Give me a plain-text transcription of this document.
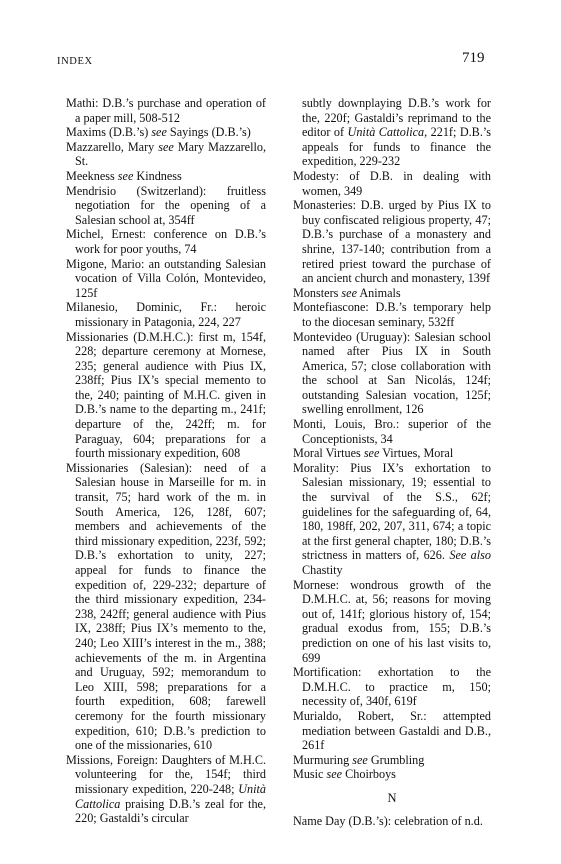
INDEX	719

Mathi: D.B.’s purchase and operation of a paper mill, 508-512

Maxims (D.B.’s) see Sayings (D.B.’s)

Mazzarello, Mary see Mary Mazzarello, St.

Meekness see Kindness

Mendrisio (Switzerland): fruitless negotiation for the opening of a Salesian school at, 354ff

Michel, Ernest: conference on D.B.’s work for poor youths, 74

Migone, Mario: an outstanding Salesian vocation of Villa Colón, Montevideo, 125f

Milanesio, Dominic, Fr.: heroic missionary in Patagonia, 224, 227

Missionaries (D.M.H.C.): first m, 154f, 228; departure ceremony at Mornese, 235; general audience with Pius IX, 238ff; Pius IX’s special memento to the, 240; painting of M.H.C. given in D.B.’s name to the departing m., 241f; departure of the, 242ff; m. for Paraguay, 604; preparations for a fourth missionary expedition, 608

Missionaries (Salesian): need of a Salesian house in Marseille for m. in transit, 75; hard work of the m. in South America, 126, 128f, 607; members and achievements of the third missionary expedition, 223f, 592; D.B.’s exhortation to unity, 227; appeal for funds to finance the expedition of, 229-232; departure of the third missionary expedition, 234-238, 242ff; general audience with Pius IX, 238ff; Pius IX’s memento to the, 240; Leo XIII’s interest in the m., 388; achievements of the m. in Argentina and Uruguay, 592; memorandum to Leo XIII, 598; preparations for a fourth expedition, 608; farewell ceremony for the fourth missionary expedition, 610; D.B.’s prediction to one of the missionaries, 610

Missions, Foreign: Daughters of M.H.C. volunteering for the, 154f; third missionary expedition, 220-248; Unità Cattolica praising D.B.’s zeal for the, 220; Gastaldi’s circular

subtly downplaying D.B.’s work for the, 220f; Gastaldi’s reprimand to the editor of Unità Cattolica, 221f; D.B.’s appeals for funds to finance the expedition, 229-232

Modesty: of D.B. in dealing with women, 349

Monasteries: D.B. urged by Pius IX to buy confiscated religious property, 47; D.B.’s purchase of a monastery and shrine, 137-140; contribution from a retired priest toward the purchase of an ancient church and monastery, 139f

Monsters see Animals

Montefiascone: D.B.’s temporary help to the diocesan seminary, 532ff

Montevideo (Uruguay): Salesian school named after Pius IX in South America, 57; close collaboration with the school at San Nicolás, 124f; outstanding Salesian vocation, 125f; swelling enrollment, 126

Monti, Louis, Bro.: superior of the Conceptionists, 34

Moral Virtues see Virtues, Moral

Morality: Pius IX’s exhortation to Salesian missionary, 19; essential to the survival of the S.S., 62f; guidelines for the safeguarding of, 64, 180, 198ff, 202, 207, 311, 674; a topic at the first general chapter, 180; D.B.’s strictness in matters of, 626. See also Chastity

Mornese: wondrous growth of the D.M.H.C. at, 56; reasons for moving out of, 141f; glorious history of, 154; gradual exodus from, 155; D.B.’s prediction on one of his last visits to, 699

Mortification: exhortation to the D.M.H.C. to practice m, 150; necessity of, 340f, 619f

Murialdo, Robert, Sr.: attempted mediation between Gastaldi and D.B., 261f

Murmuring see Grumbling

Music see Choirboys

N

Name Day (D.B.’s): celebration of n.d.
